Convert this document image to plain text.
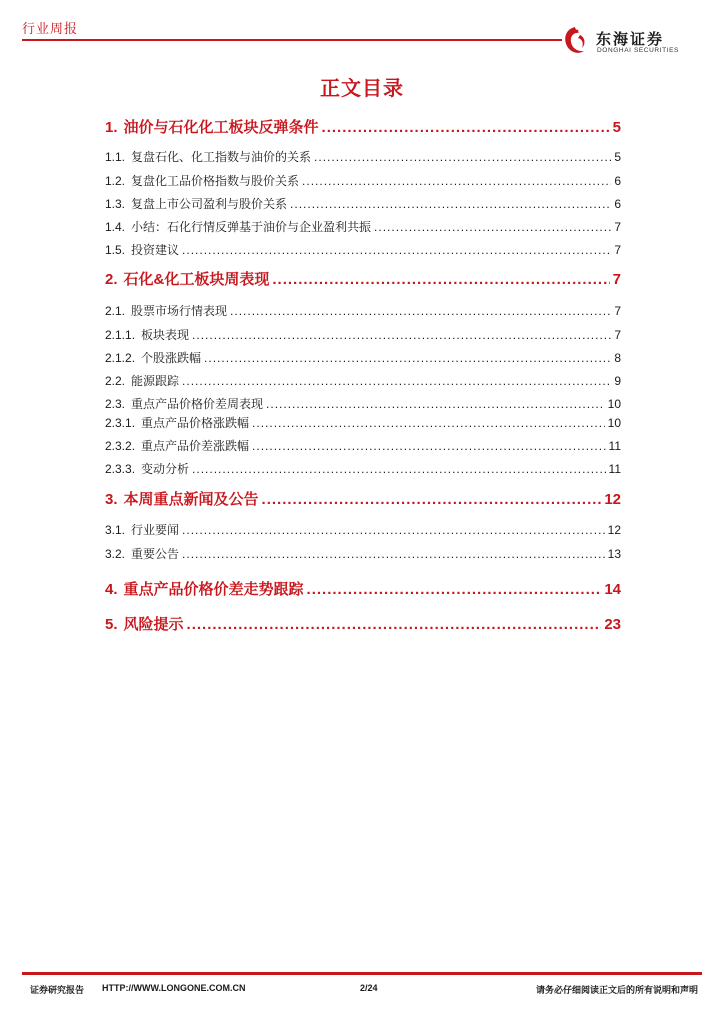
行业周报
东海证券
DONGHAI SECURITIES
正文目录
1. 油价与石化化工板块反弹条件 .....	5
1.1. 复盘石化、化工指数与油价的关系 .....	5
1.2. 复盘化工品价格指数与股价关系 .....	6
1.3. 复盘上市公司盈利与股价关系 .....	6
1.4. 小结：石化行情反弹基于油价与企业盈利共振 .....	7
1.5. 投资建议 .....	7
2. 石化&化工板块周表现 .....	7
2.1. 股票市场行情表现 .....	7
2.1.1. 板块表现 .....	7
2.1.2. 个股涨跌幅 .....	8
2.2. 能源跟踪 .....	9
2.3. 重点产品价格价差周表现 .....	10
2.3.1. 重点产品价格涨跌幅 .....	10
2.3.2. 重点产品价差涨跌幅 .....	11
2.3.3. 变动分析 .....	11
3. 本周重点新闻及公告 .....	12
3.1. 行业要闻 .....	12
3.2. 重要公告 .....	13
4. 重点产品价格价差走势跟踪 .....	14
5. 风险提示 .....	23
证券研究报告 HTTP://WWW.LONGONE.COM.CN	2/24	请务必仔细阅读正文后的所有说明和声明
